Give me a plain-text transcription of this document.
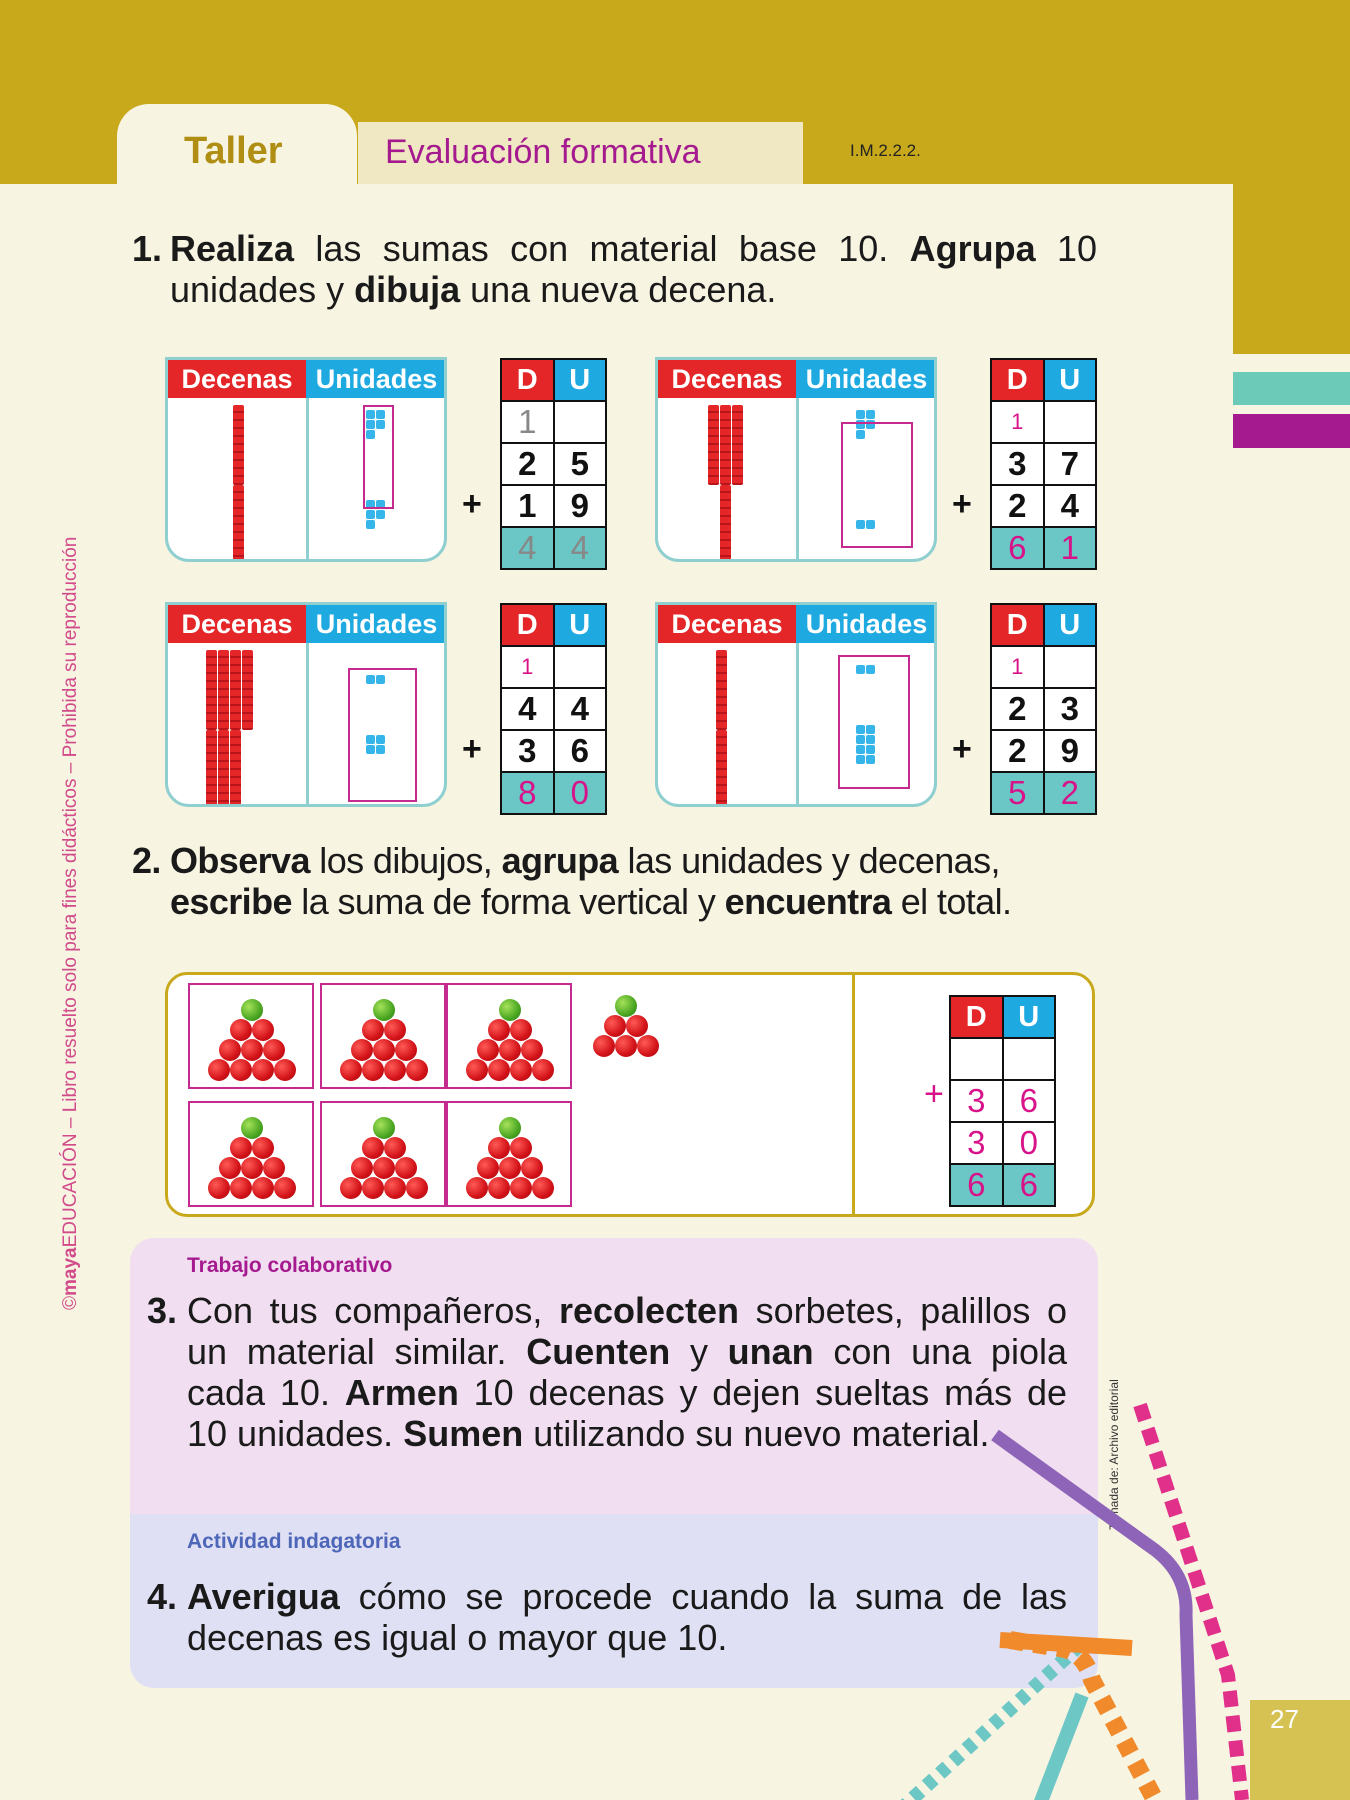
Taller	Evaluación formativa	I.M.2.2.2.
©mayaEDUCACIÓN – Libro resuelto solo para fines didácticos – Prohibida su reproducción
Tomada de: Archivo editorial
1. Realiza las sumas con material base 10. Agrupa 10 unidades y dibuja una nueva decena.
Decenas Unidades	D	U
1
2	5
1	9
4	4
+
Decenas Unidades	D	U
1
3	7
2	4
6	1
+
Decenas Unidades	D	U
1
4	4
3	6
8	0
+
Decenas Unidades	D	U
1
2	3
2	9
5	2
+
2. Observa los dibujos, agrupa las unidades y decenas, escribe la suma de forma vertical y encuentra el total.
D	U
3	6
3	0
6	6
+
Trabajo colaborativo
3. Con tus compañeros, recolecten sorbetes, palillos o un material similar. Cuenten y unan con una piola cada 10. Armen 10 decenas y dejen sueltas más de 10 unidades. Sumen utilizando su nuevo material.
Actividad indagatoria
4. Averigua cómo se procede cuando la suma de las decenas es igual o mayor que 10.
27
